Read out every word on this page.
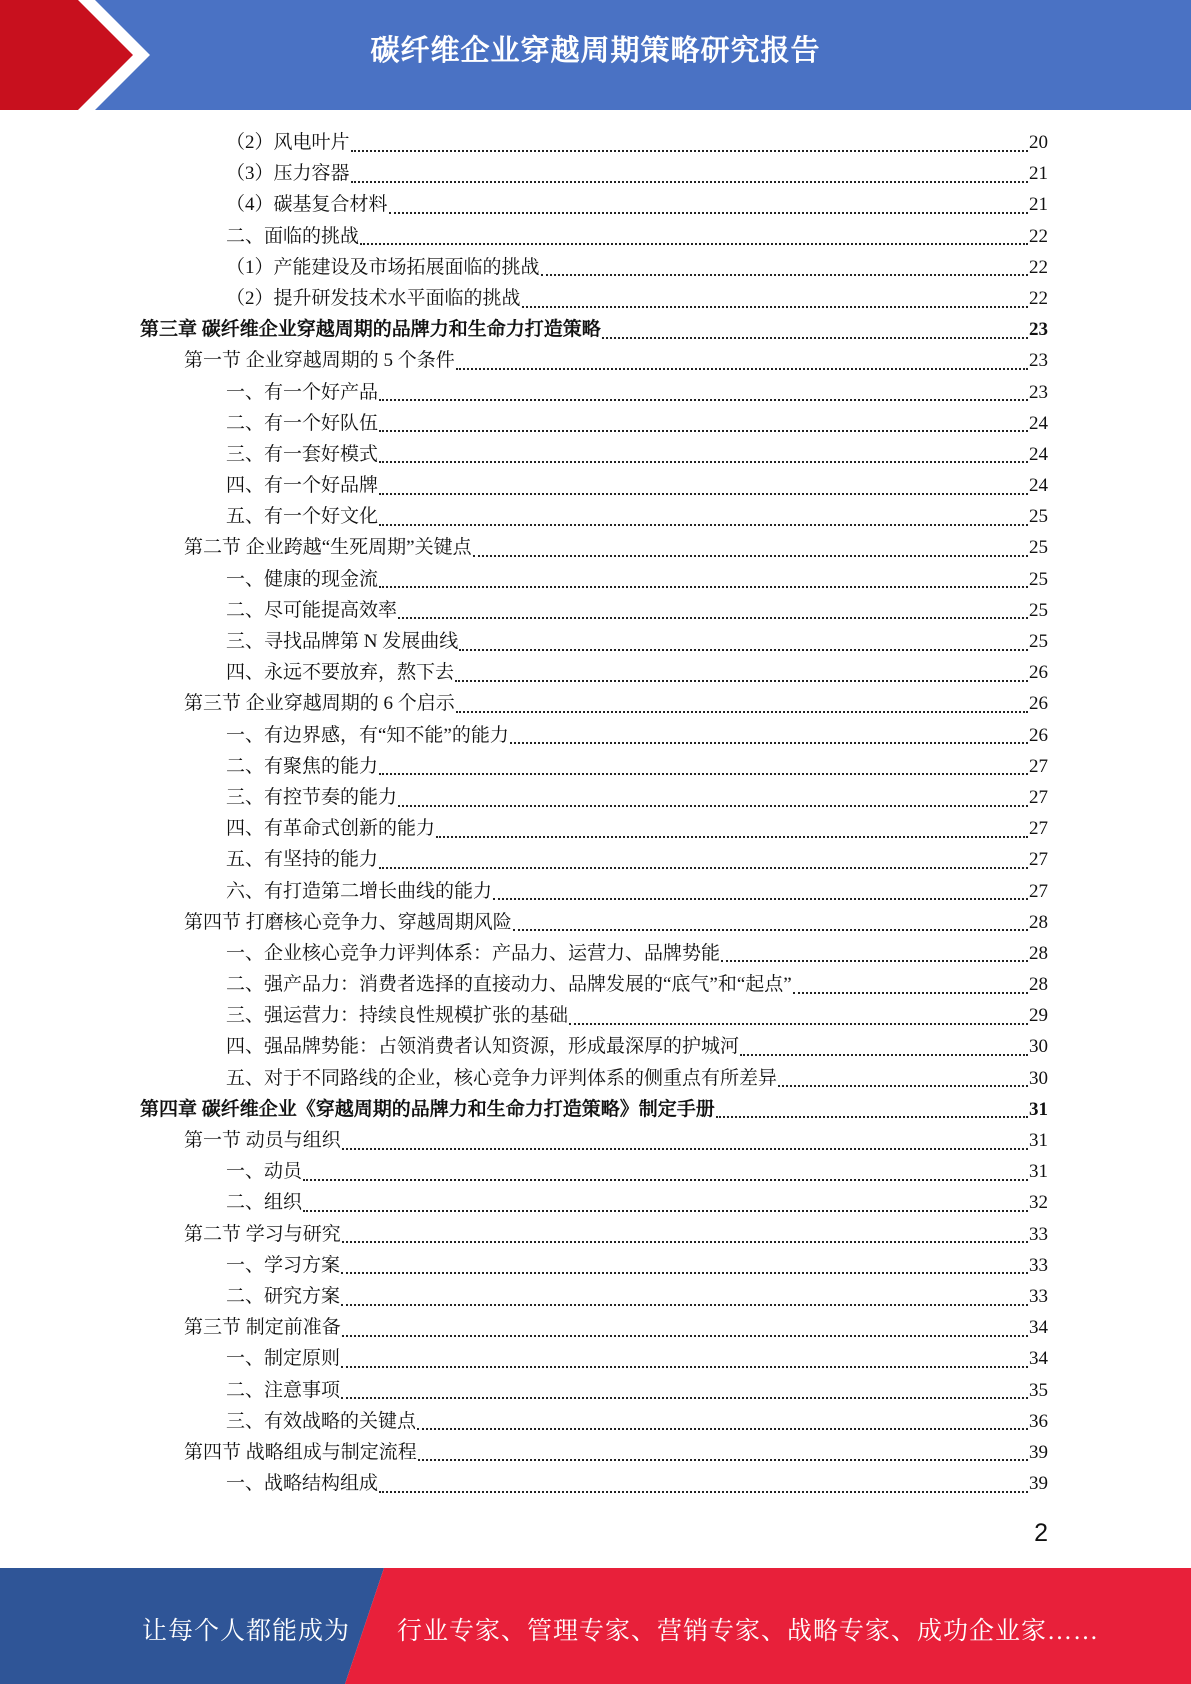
碳纤维企业穿越周期策略研究报告
（2）风电叶片	20
（3）压力容器	21
（4）碳基复合材料	21
二、面临的挑战	22
（1）产能建设及市场拓展面临的挑战	22
（2）提升研发技术水平面临的挑战	22
第三章 碳纤维企业穿越周期的品牌力和生命力打造策略	23
第一节 企业穿越周期的 5 个条件	23
一、有一个好产品	23
二、有一个好队伍	24
三、有一套好模式	24
四、有一个好品牌	24
五、有一个好文化	25
第二节 企业跨越“生死周期”关键点	25
一、健康的现金流	25
二、尽可能提高效率	25
三、寻找品牌第 N 发展曲线	25
四、永远不要放弃，熬下去	26
第三节 企业穿越周期的 6 个启示	26
一、有边界感，有“知不能”的能力	26
二、有聚焦的能力	27
三、有控节奏的能力	27
四、有革命式创新的能力	27
五、有坚持的能力	27
六、有打造第二增长曲线的能力	27
第四节 打磨核心竞争力、穿越周期风险	28
一、企业核心竞争力评判体系：产品力、运营力、品牌势能	28
二、强产品力：消费者选择的直接动力、品牌发展的“底气”和“起点”	28
三、强运营力：持续良性规模扩张的基础	29
四、强品牌势能：占领消费者认知资源，形成最深厚的护城河	30
五、对于不同路线的企业，核心竞争力评判体系的侧重点有所差异	30
第四章 碳纤维企业《穿越周期的品牌力和生命力打造策略》制定手册	31
第一节 动员与组织	31
一、动员	31
二、组织	32
第二节 学习与研究	33
一、学习方案	33
二、研究方案	33
第三节 制定前准备	34
一、制定原则	34
二、注意事项	35
三、有效战略的关键点	36
第四节 战略组成与制定流程	39
一、战略结构组成	39
2
让每个人都能成为 行业专家、管理专家、营销专家、战略专家、成功企业家……
